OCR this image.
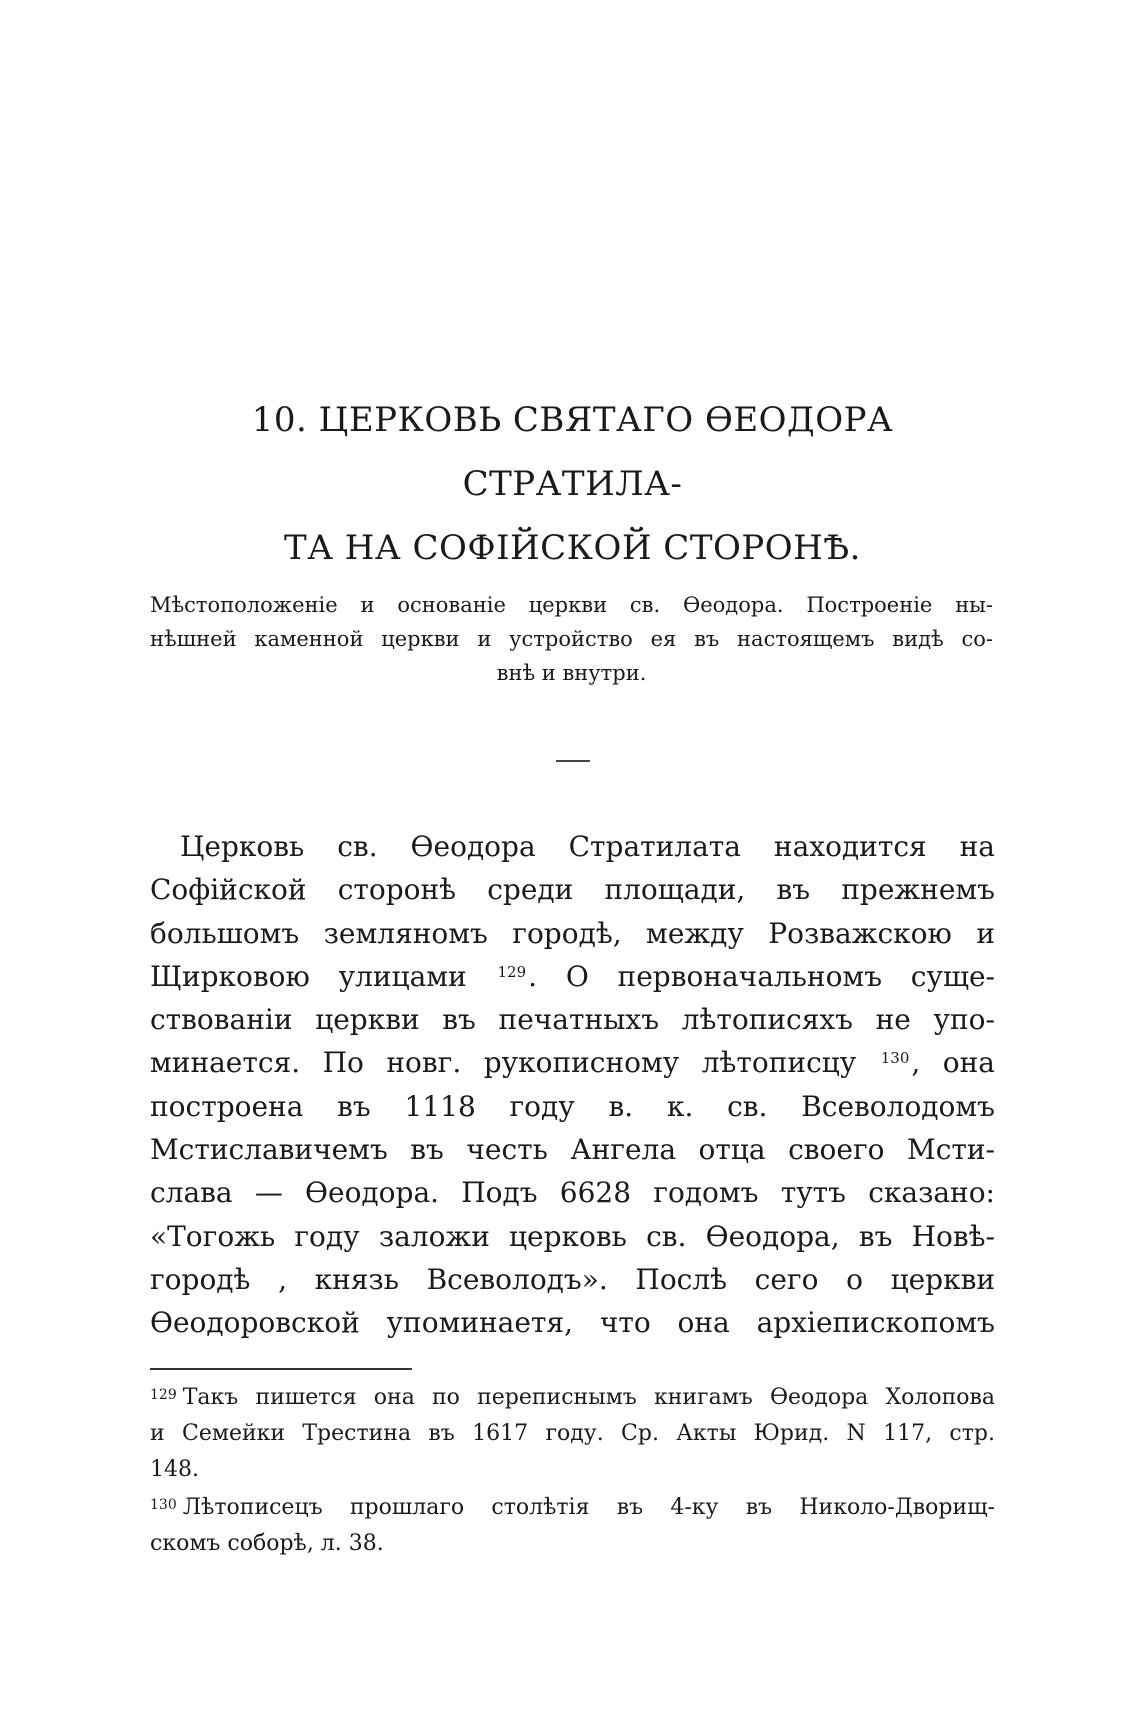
10. ЦЕРКОВЬ СВЯТАГО ѲЕОДОРА СТРАТИЛА-
ТА НА СОФІЙСКОЙ СТОРОНѢ.

Мѣстоположеніе и основаніе церкви св. Ѳеодора. Построеніе ны-
нѣшней каменной церкви и устройство ея въ настоящемъ видѣ со-
внѣ и внутри.

Церковь св. Ѳеодора Стратилата находится на
Софійской сторонѣ среди площади, въ прежнемъ
большомъ земляномъ городѣ, между Розважскою и
Щирковою улицами $^{129}$. О первоначальномъ суще-
ствованіи церкви въ печатныхъ лѣтописяхъ не упо-
минается. По новг. рукописному лѣтописцу $^{130}$, она
построена въ 1118 году в. к. св. Всеволодомъ
Мстиславичемъ въ честь Ангела отца своего Мсти-
слава — Ѳеодора. Подъ 6628 годомъ тутъ сказано:
«Тогожь году заложи церковь св. Ѳеодора, въ Новѣ-
городѣ , князь Всеволодъ». Послѣ сего о церкви
Ѳеодоровской упоминаетя, что она архіепископомъ
$^{129}$ Такъ пишется она по переписнымъ книгамъ Ѳеодора Холопова
и Семейки Трестина въ 1617 году. Ср. Акты Юрид. N 117, стр.
148.
$^{130}$ Лѣтописецъ прошлаго столѣтія въ 4-ку въ Николо-Дворищ-
скомъ соборѣ, л. 38.
